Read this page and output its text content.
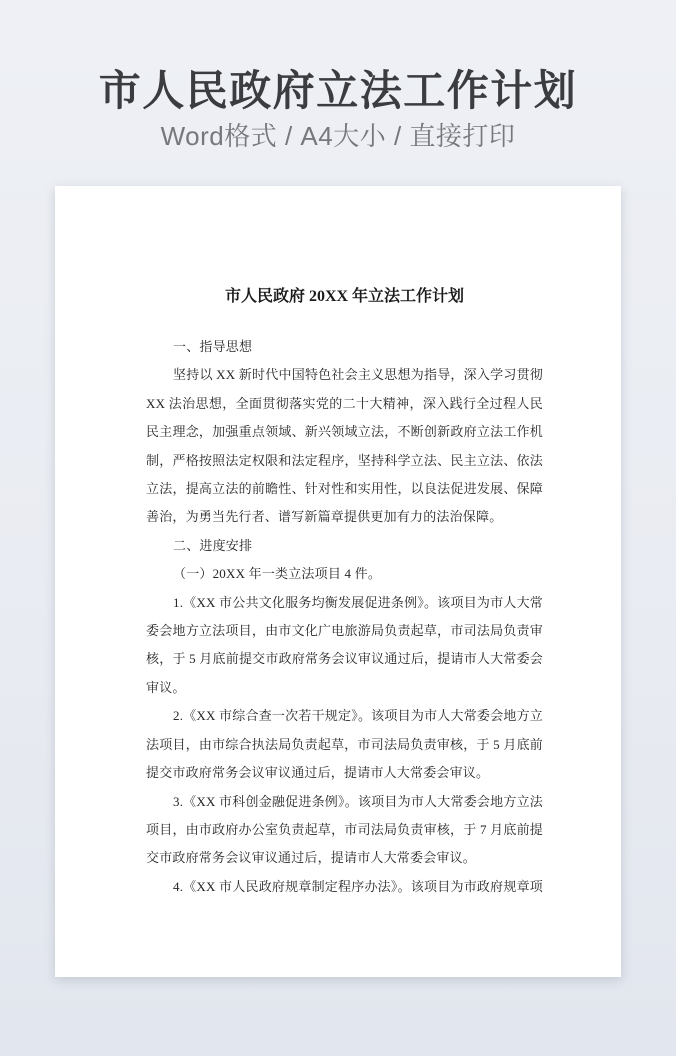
市人民政府立法工作计划
Word格式 / A4大小 / 直接打印
市人民政府 20XX 年立法工作计划
一、指导思想
坚持以 XX 新时代中国特色社会主义思想为指导，深入学习贯彻
XX 法治思想，全面贯彻落实党的二十大精神，深入践行全过程人民
民主理念，加强重点领域、新兴领域立法，不断创新政府立法工作机
制，严格按照法定权限和法定程序，坚持科学立法、民主立法、依法
立法，提高立法的前瞻性、针对性和实用性，以良法促进发展、保障
善治，为勇当先行者、谱写新篇章提供更加有力的法治保障。
二、进度安排
（一）20XX 年一类立法项目 4 件。
1.《XX 市公共文化服务均衡发展促进条例》。该项目为市人大常
委会地方立法项目，由市文化广电旅游局负责起草，市司法局负责审
核，于 5 月底前提交市政府常务会议审议通过后，提请市人大常委会
审议。
2.《XX 市综合查一次若干规定》。该项目为市人大常委会地方立
法项目，由市综合执法局负责起草，市司法局负责审核，于 5 月底前
提交市政府常务会议审议通过后，提请市人大常委会审议。
3.《XX 市科创金融促进条例》。该项目为市人大常委会地方立法
项目，由市政府办公室负责起草，市司法局负责审核，于 7 月底前提
交市政府常务会议审议通过后，提请市人大常委会审议。
4.《XX 市人民政府规章制定程序办法》。该项目为市政府规章项
